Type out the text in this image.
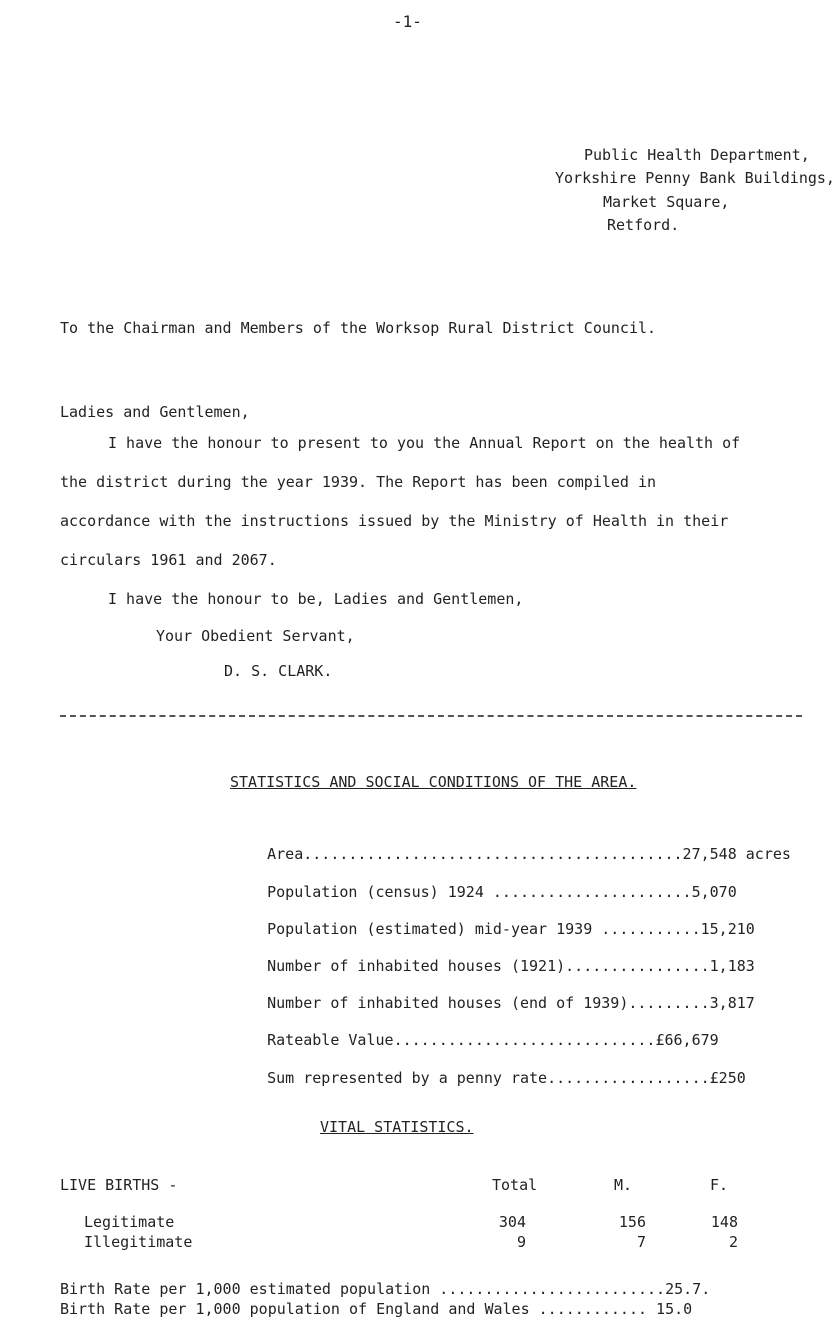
-1-
Public Health Department,
Yorkshire Penny Bank Buildings,
Market Square,
Retford.
To the Chairman and Members of the Worksop Rural District Council.
Ladies and Gentlemen,
I have the honour to present to you the Annual Report on the health of
the district during the year 1939. The Report has been compiled in
accordance with the instructions issued by the Ministry of Health in their
circulars 1961 and 2067.
I have the honour to be, Ladies and Gentlemen,
Your Obedient Servant,
D. S. CLARK.
STATISTICS AND SOCIAL CONDITIONS OF THE AREA.

Area..........................................27,548 acres

Population (census) 1924 ......................5,070

Population (estimated) mid-year 1939 ...........15,210

Number of inhabited houses (1921)................1,183

Number of inhabited houses (end of 1939).........3,817

Rateable Value.............................£66,679

Sum represented by a penny rate..................£250

VITAL STATISTICS.
LIVE BIRTHS -	Total	M.	F.
Legitimate	304	156	148
Illegitimate	9	7	2
Birth Rate per 1,000 estimated population .........................25.7.
Birth Rate per 1,000 population of England and Wales ............ 15.0
